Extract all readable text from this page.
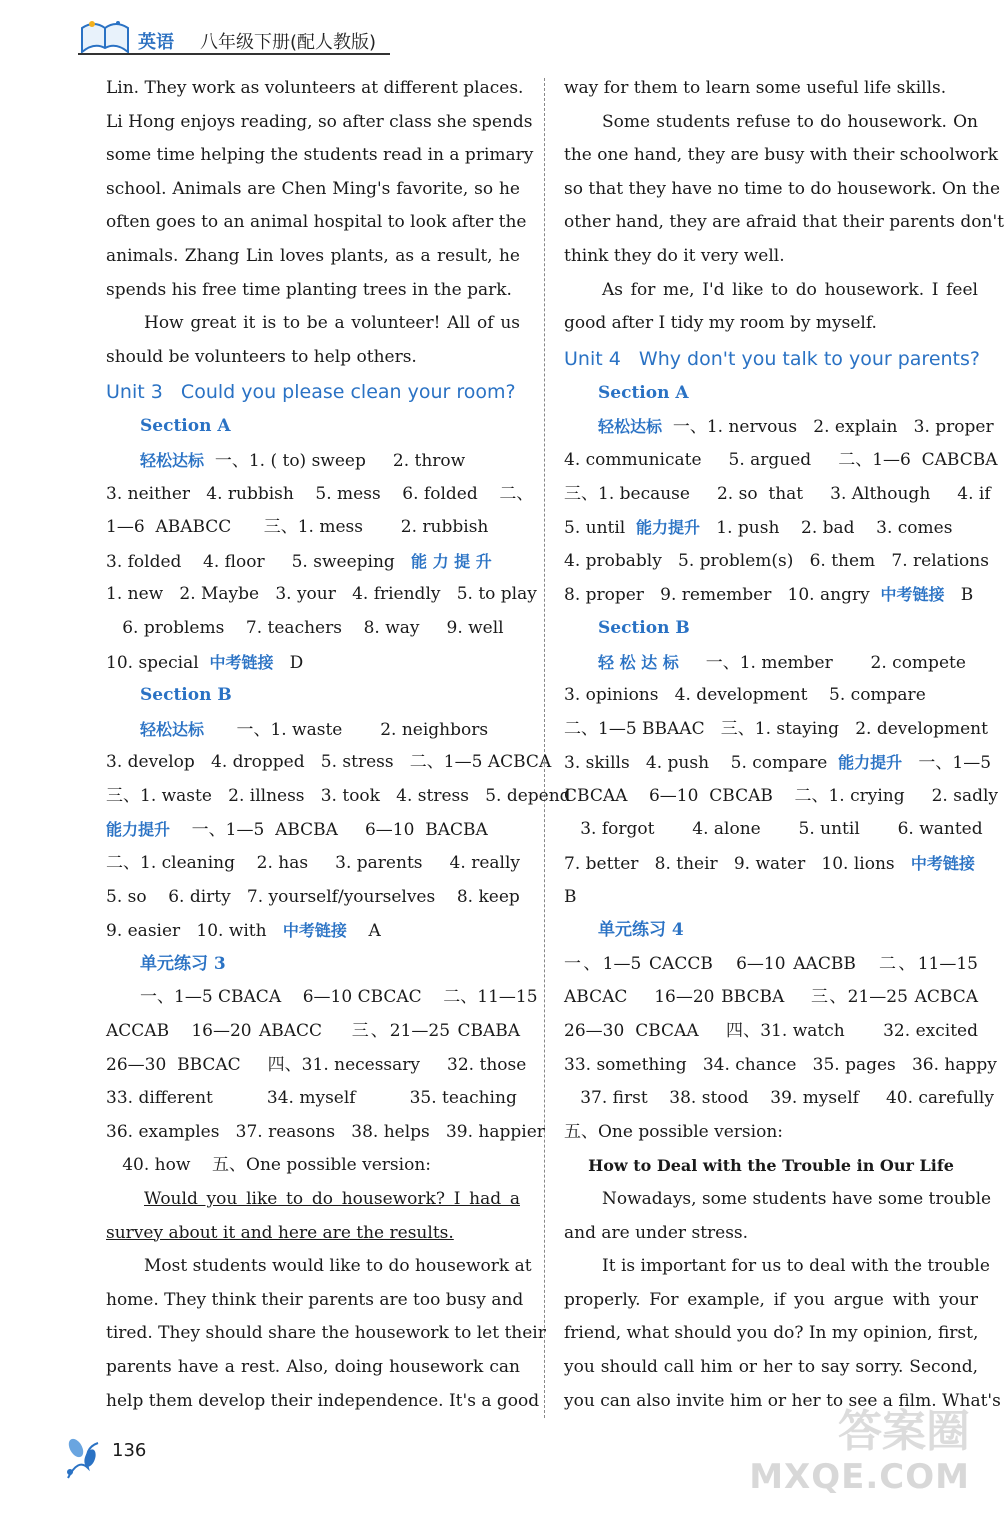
英语 八年级下册(配人教版)
Lin. They work as volunteers at different places.
Li Hong enjoys reading, so after class she spends
some time helping the students read in a primary
school. Animals are Chen Ming's favorite, so he
often goes to an animal hospital to look after the
animals. Zhang Lin loves plants, as a result, he
spends his free time planting trees in the park.
How great it is to be a volunteer! All of us
should be volunteers to help others.
Unit 3   Could you please clean your room?
Section A
轻松达标  一、1. ( to) sweep     2. throw
3. neither   4. rubbish    5. mess    6. folded    二、
1—6  ABABCC      三、1. mess       2. rubbish
3. folded    4. floor     5. sweeping   能 力 提 升
1. new   2. Maybe   3. your   4. friendly   5. to play
6. problems    7. teachers    8. way     9. well
10. special  中考链接   D
Section B
轻松达标      一、1. waste       2. neighbors
3. develop   4. dropped   5. stress   二、1—5 ACBCA
三、1. waste   2. illness   3. took   4. stress   5. depend
能力提升    一、1—5  ABCBA     6—10  BACBA
二、1. cleaning    2. has     3. parents     4. really
5. so    6. dirty   7. yourself/yourselves    8. keep
9. easier   10. with   中考链接    A
单元练习 3
一、1—5 CBACA    6—10 CBCAC    二、11—15
ACCAB   16—20 ABACC    三、21—25 CBABA
26—30  BBCAC     四、31. necessary     32. those
33. different          34. myself          35. teaching
36. examples   37. reasons   38. helps   39. happier
40. how    五、One possible version:
Would you like to do housework? I had a
survey about it and here are the results.
Most students would like to do housework at
home. They think their parents are too busy and
tired. They should share the housework to let their
parents have a rest. Also, doing housework can
help them develop their independence. It's a good
way for them to learn some useful life skills.
Some students refuse to do housework. On
the one hand, they are busy with their schoolwork
so that they have no time to do housework. On the
other hand, they are afraid that their parents don't
think they do it very well.
As for me, I'd like to do housework. I feel
good after I tidy my room by myself.
Unit 4   Why don't you talk to your parents?
Section A
轻松达标  一、1. nervous   2. explain   3. proper
4. communicate     5. argued     二、1—6  CABCBA
三、1. because     2. so  that     3. Although     4. if
5. until  能力提升   1. push    2. bad    3. comes
4. probably   5. problem(s)   6. them   7. relations
8. proper   9. remember   10. angry  中考链接   B
Section B
轻 松 达 标     一、1. member       2. compete
3. opinions   4. development    5. compare
二、1—5 BBAAC   三、1. staying   2. development
3. skills   4. push    5. compare  能力提升   一、1—5
CBCAA    6—10  CBCAB    二、1. crying     2. sadly
3. forgot       4. alone       5. until       6. wanted
7. better   8. their   9. water   10. lions   中考链接
B
单元练习 4
一、1—5 CACCB   6—10 AACBB   二、11—15
ABCAC    16—20 BBCBA    三、21—25 ACBCA
26—30  CBCAA     四、31. watch       32. excited
33. something   34. chance   35. pages   36. happy
37. first    38. stood    39. myself     40. carefully
五、One possible version:
How to Deal with the Trouble in Our Life
Nowadays, some students have some trouble
and are under stress.
It is important for us to deal with the trouble
properly. For example, if you argue with your
friend, what should you do? In my opinion, first,
you should call him or her to say sorry. Second,
you can also invite him or her to see a film. What's
136	答案圈
MXQE.COM
